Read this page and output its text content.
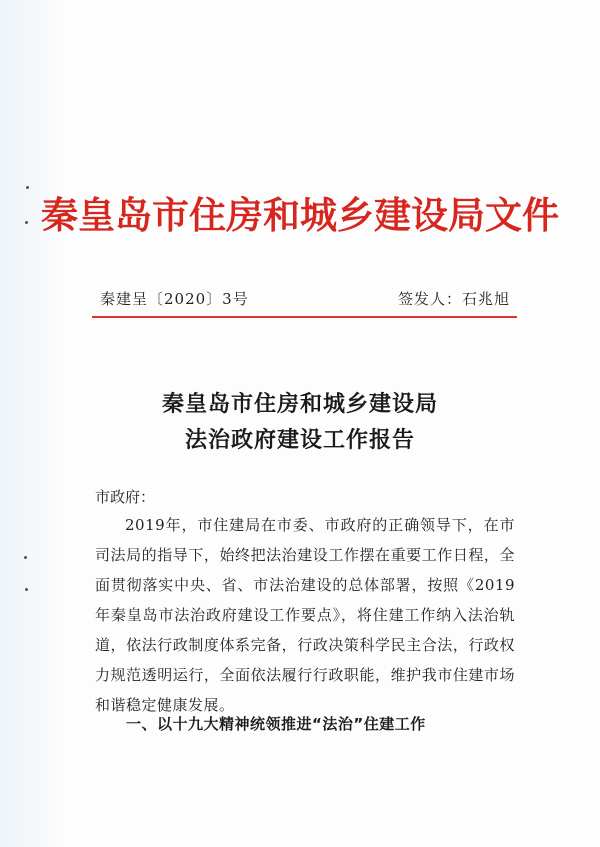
秦皇岛市住房和城乡建设局文件
秦建呈〔2020〕3号	签发人：石兆旭
秦皇岛市住房和城乡建设局
法治政府建设工作报告
市政府：
2019年，市住建局在市委、市政府的正确领导下，在市司法局的指导下，始终把法治建设工作摆在重要工作日程，全面贯彻落实中央、省、市法治建设的总体部署，按照《2019年秦皇岛市法治政府建设工作要点》，将住建工作纳入法治轨道，依法行政制度体系完备，行政决策科学民主合法，行政权力规范透明运行，全面依法履行行政职能，维护我市住建市场和谐稳定健康发展。
一、以十九大精神统领推进“法治”住建工作
